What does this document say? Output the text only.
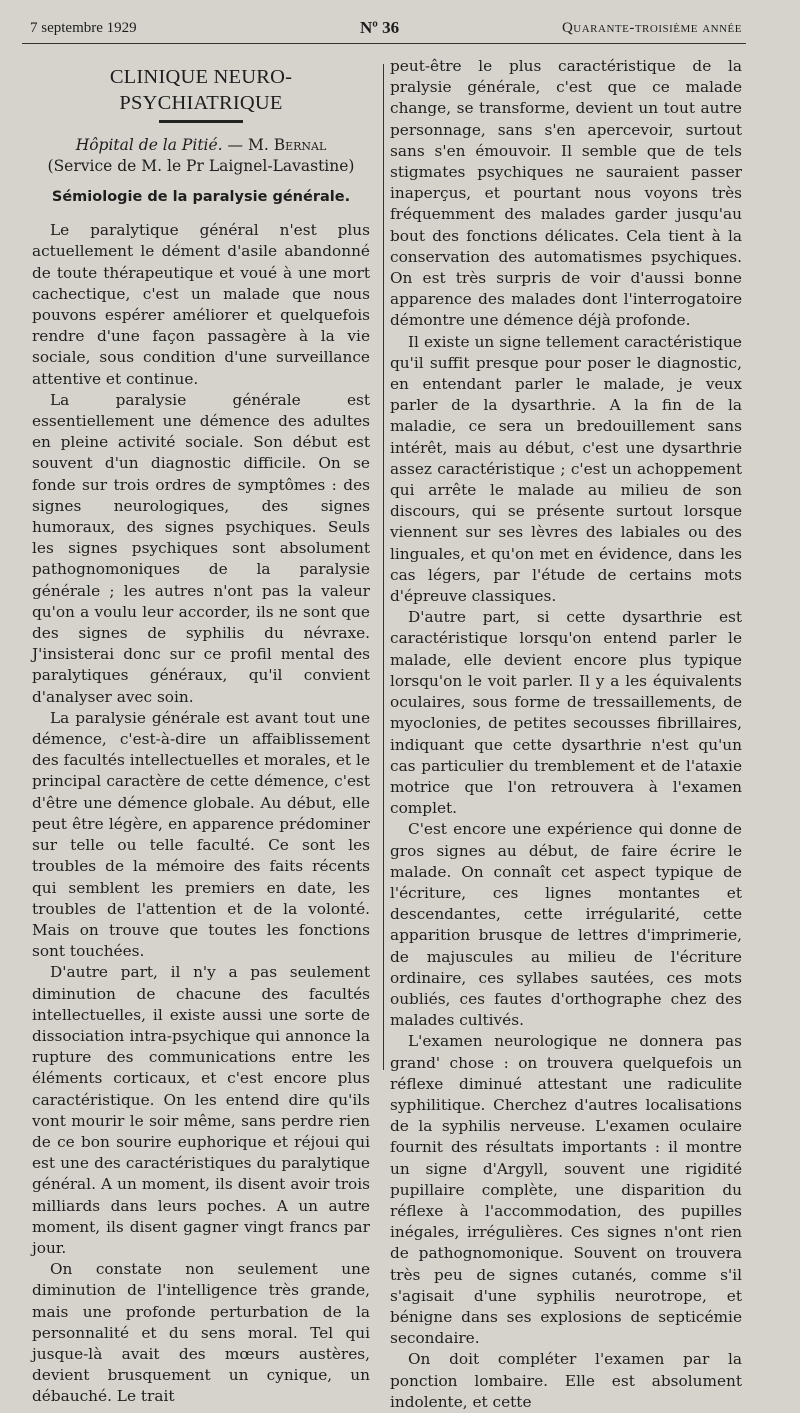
7 septembre 1929	Nº 36	Quarante-troisième année
CLINIQUE NEURO-PSYCHIATRIQUE
Hôpital de la Pitié. — M. Bernal
(Service de M. le Pr Laignel-Lavastine)
Sémiologie de la paralysie générale.

Le paralytique général n'est plus actuellement le dément d'asile abandonné de toute thérapeutique et voué à une mort cachectique, c'est un malade que nous pouvons espérer améliorer et quelquefois rendre d'une façon passagère à la vie sociale, sous condition d'une surveillance attentive et continue.

La paralysie générale est essentiellement une démence des adultes en pleine activité sociale. Son début est souvent d'un diagnostic difficile. On se fonde sur trois ordres de symptômes : des signes neurologiques, des signes humoraux, des signes psychiques. Seuls les signes psychiques sont absolument pathognomoniques de la paralysie générale ; les autres n'ont pas la valeur qu'on a voulu leur accorder, ils ne sont que des signes de syphilis du névraxe. J'insisterai donc sur ce profil mental des paralytiques généraux, qu'il convient d'analyser avec soin.

La paralysie générale est avant tout une démence, c'est-à-dire un affaiblissement des facultés intellectuelles et morales, et le principal caractère de cette démence, c'est d'être une démence globale. Au début, elle peut être légère, en apparence prédominer sur telle ou telle faculté. Ce sont les troubles de la mémoire des faits récents qui semblent les premiers en date, les troubles de l'attention et de la volonté. Mais on trouve que toutes les fonctions sont touchées.

D'autre part, il n'y a pas seulement diminution de chacune des facultés intellectuelles, il existe aussi une sorte de dissociation intra-psychique qui annonce la rupture des communications entre les éléments corticaux, et c'est encore plus caractéristique. On les entend dire qu'ils vont mourir le soir même, sans perdre rien de ce bon sourire euphorique et réjoui qui est une des caractéristiques du paralytique général. A un moment, ils disent avoir trois milliards dans leurs poches. A un autre moment, ils disent gagner vingt francs par jour.

On constate non seulement une diminution de l'intelligence très grande, mais une profonde perturbation de la personnalité et du sens moral. Tel qui jusque-là avait des mœurs austères, devient brusquement un cynique, un débauché. Le trait

peut-être le plus caractéristique de la pralysie générale, c'est que ce malade change, se transforme, devient un tout autre personnage, sans s'en apercevoir, surtout sans s'en émouvoir. Il semble que de tels stigmates psychiques ne sauraient passer inaperçus, et pourtant nous voyons très fréquemment des malades garder jusqu'au bout des fonctions délicates. Cela tient à la conservation des automatismes psychiques. On est très surpris de voir d'aussi bonne apparence des malades dont l'interrogatoire démontre une démence déjà profonde.

Il existe un signe tellement caractéristique qu'il suffit presque pour poser le diagnostic, en entendant parler le malade, je veux parler de la dysarthrie. A la fin de la maladie, ce sera un bredouillement sans intérêt, mais au début, c'est une dysarthrie assez caractéristique ; c'est un achoppement qui arrête le malade au milieu de son discours, qui se présente surtout lorsque viennent sur ses lèvres des labiales ou des linguales, et qu'on met en évidence, dans les cas légers, par l'étude de certains mots d'épreuve classiques.

D'autre part, si cette dysarthrie est caractéristique lorsqu'on entend parler le malade, elle devient encore plus typique lorsqu'on le voit parler. Il y a les équivalents oculaires, sous forme de tressaillements, de myoclonies, de petites secousses fibrillaires, indiquant que cette dysarthrie n'est qu'un cas particulier du tremblement et de l'ataxie motrice que l'on retrouvera à l'examen complet.

C'est encore une expérience qui donne de gros signes au début, de faire écrire le malade. On connaît cet aspect typique de l'écriture, ces lignes montantes et descendantes, cette irrégularité, cette apparition brusque de lettres d'imprimerie, de majuscules au milieu de l'écriture ordinaire, ces syllabes sautées, ces mots oubliés, ces fautes d'orthographe chez des malades cultivés.

L'examen neurologique ne donnera pas grand' chose : on trouvera quelquefois un réflexe diminué attestant une radiculite syphilitique. Cherchez d'autres localisations de la syphilis nerveuse. L'examen oculaire fournit des résultats importants : il montre un signe d'Argyll, souvent une rigidité pupillaire complète, une disparition du réflexe à l'accommodation, des pupilles inégales, irrégulières. Ces signes n'ont rien de pathognomonique. Souvent on trouvera très peu de signes cutanés, comme s'il s'agisait d'une syphilis neurotrope, et bénigne dans ses explosions de septicémie secondaire.

On doit compléter l'examen par la ponction lombaire. Elle est absolument indolente, et cette
